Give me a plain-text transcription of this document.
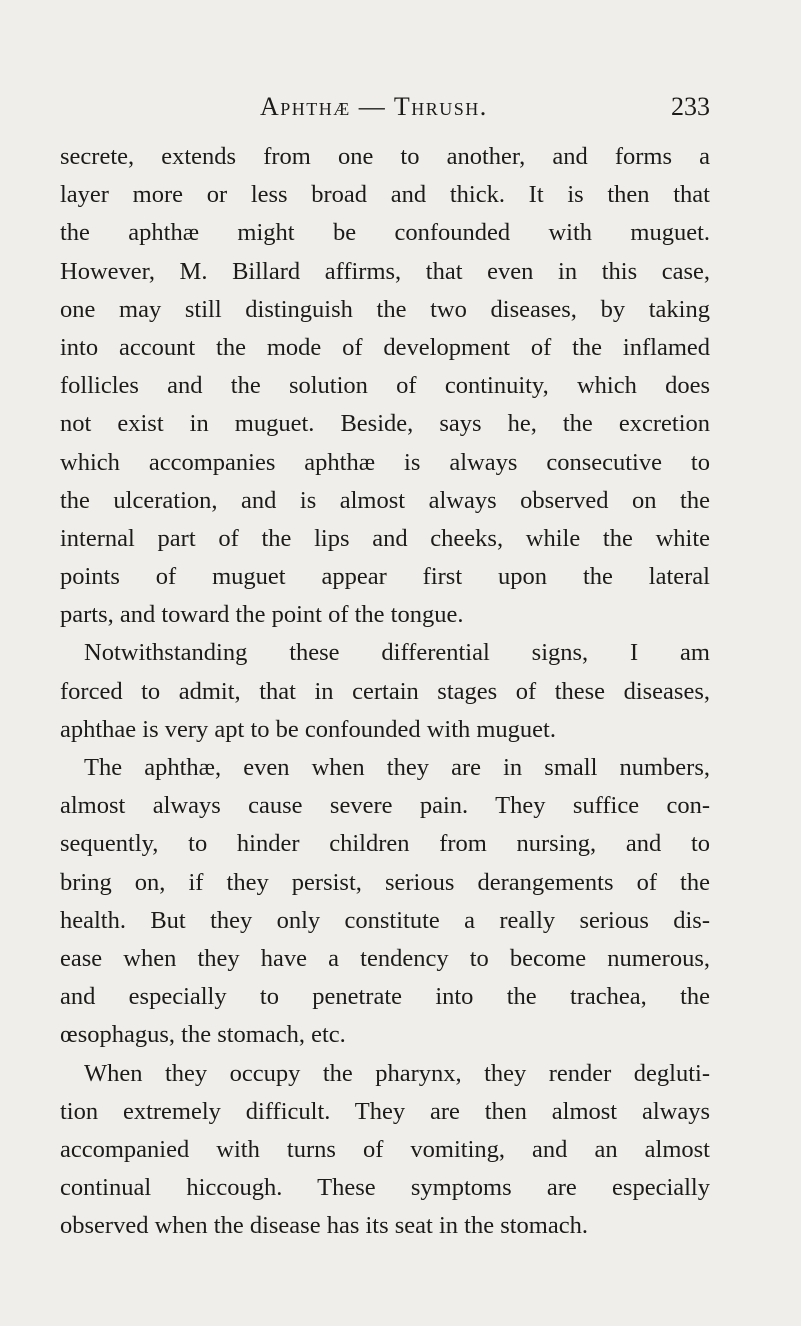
Aphthæ — Thrush.	233
secrete, extends from one to another, and forms a
layer more or less broad and thick. It is then that
the aphthæ might be confounded with muguet.
However, M. Billard affirms, that even in this case,
one may still distinguish the two diseases, by taking
into account the mode of development of the inflamed
follicles and the solution of continuity, which does
not exist in muguet. Beside, says he, the excretion
which accompanies aphthæ is always consecutive to
the ulceration, and is almost always observed on the
internal part of the lips and cheeks, while the white
points of muguet appear first upon the lateral
parts, and toward the point of the tongue.
Notwithstanding these differential signs, I am
forced to admit, that in certain stages of these diseases,
aphthae is very apt to be confounded with muguet.
The aphthæ, even when they are in small numbers,
almost always cause severe pain. They suffice con-
sequently, to hinder children from nursing, and to
bring on, if they persist, serious derangements of the
health. But they only constitute a really serious dis-
ease when they have a tendency to become numerous,
and especially to penetrate into the trachea, the
œsophagus, the stomach, etc.
When they occupy the pharynx, they render degluti-
tion extremely difficult. They are then almost always
accompanied with turns of vomiting, and an almost
continual hiccough. These symptoms are especially
observed when the disease has its seat in the stomach.
